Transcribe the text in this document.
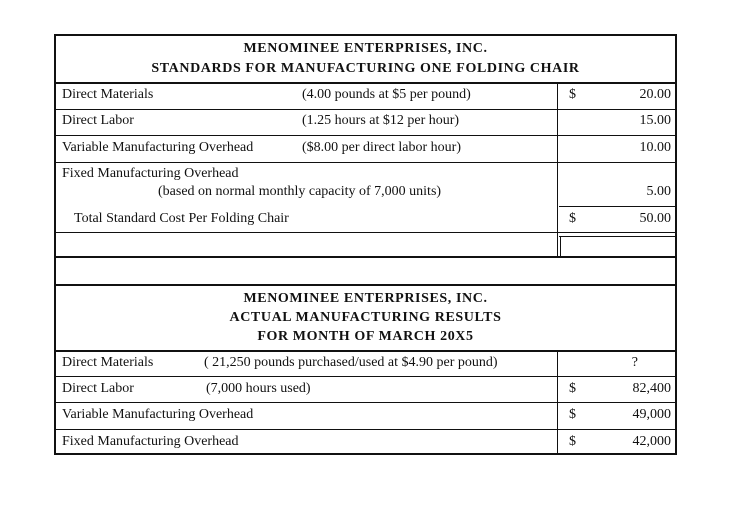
MENOMINEE ENTERPRISES, INC.
STANDARDS FOR MANUFACTURING ONE FOLDING CHAIR
Direct Materials	(4.00 pounds at $5 per pound)	$	20.00
Direct Labor	(1.25 hours at $12 per hour)	15.00
Variable Manufacturing Overhead	($8.00 per direct labor hour)	10.00
Fixed Manufacturing Overhead
(based on normal monthly capacity of 7,000 units)	5.00
Total Standard Cost Per Folding Chair	$	50.00
MENOMINEE ENTERPRISES, INC.
ACTUAL MANUFACTURING RESULTS
FOR MONTH OF MARCH 20X5
Direct Materials	( 21,250 pounds purchased/used at $4.90 per pound)	?
Direct Labor	(7,000 hours used)	$	82,400
Variable Manufacturing Overhead	$	49,000
Fixed Manufacturing Overhead	$	42,000
